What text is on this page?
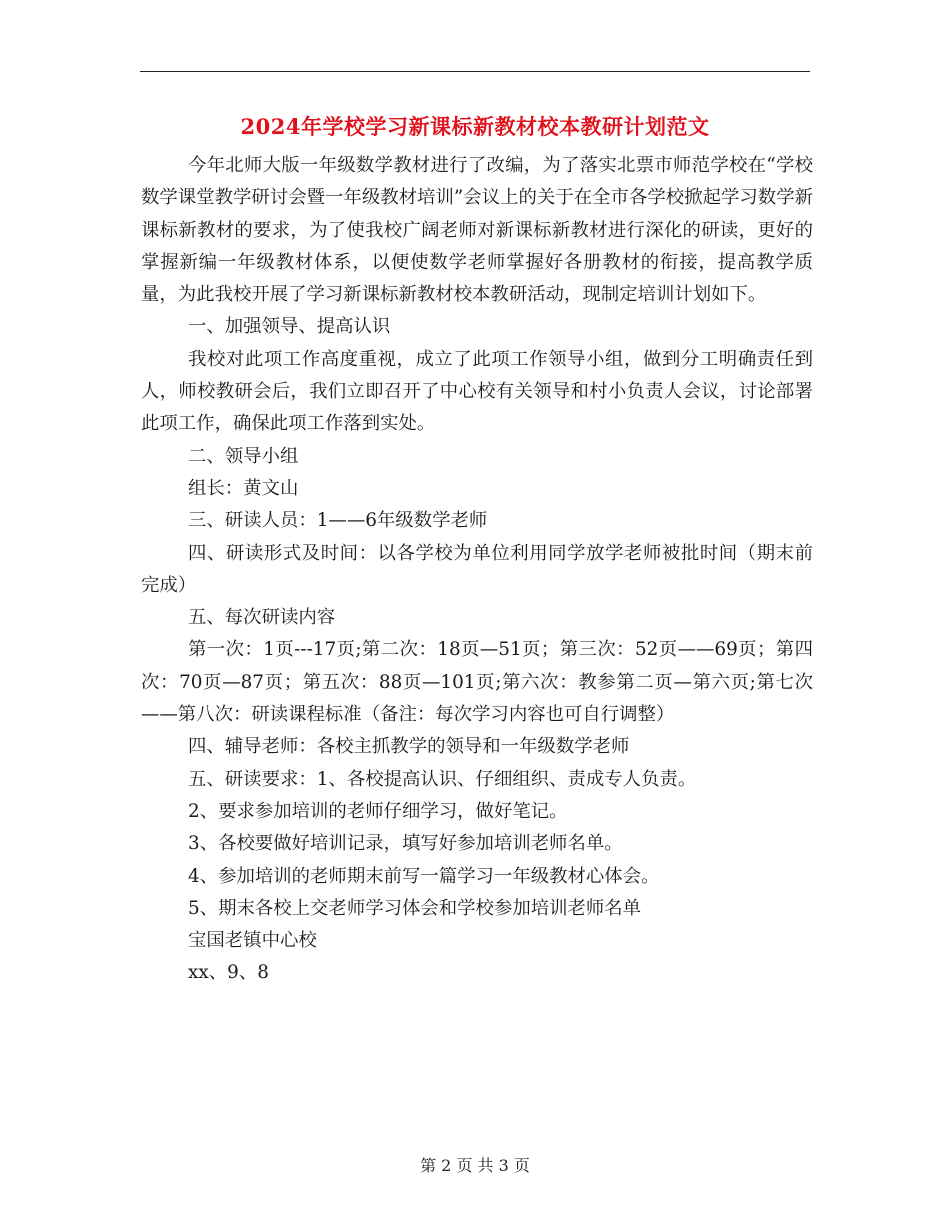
2024年学校学习新课标新教材校本教研计划范文

今年北师大版一年级数学教材进行了改编，为了落实北票市师范学校在“学校数学课堂教学研讨会暨一年级教材培训”会议上的关于在全市各学校掀起学习数学新课标新教材的要求，为了使我校广阔老师对新课标新教材进行深化的研读，更好的掌握新编一年级教材体系，以便使数学老师掌握好各册教材的衔接，提高教学质量，为此我校开展了学习新课标新教材校本教研活动，现制定培训计划如下。

一、加强领导、提高认识

我校对此项工作高度重视，成立了此项工作领导小组，做到分工明确责任到人，师校教研会后，我们立即召开了中心校有关领导和村小负责人会议，讨论部署此项工作，确保此项工作落到实处。

二、领导小组

组长：黄文山

三、研读人员：1——6年级数学老师

四、研读形式及时间：以各学校为单位利用同学放学老师被批时间（期末前完成）

五、每次研读内容

第一次：1页---17页;第二次：18页—51页；第三次：52页——69页；第四次：70页—87页；第五次：88页—101页;第六次：教参第二页—第六页;第七次——第八次：研读课程标准（备注：每次学习内容也可自行调整）

四、辅导老师：各校主抓教学的领导和一年级数学老师

五、研读要求：1、各校提高认识、仔细组织、责成专人负责。

2、要求参加培训的老师仔细学习，做好笔记。

3、各校要做好培训记录，填写好参加培训老师名单。

4、参加培训的老师期末前写一篇学习一年级教材心体会。

5、期末各校上交老师学习体会和学校参加培训老师名单

宝国老镇中心校

xx、9、8

第 2 页 共 3 页
